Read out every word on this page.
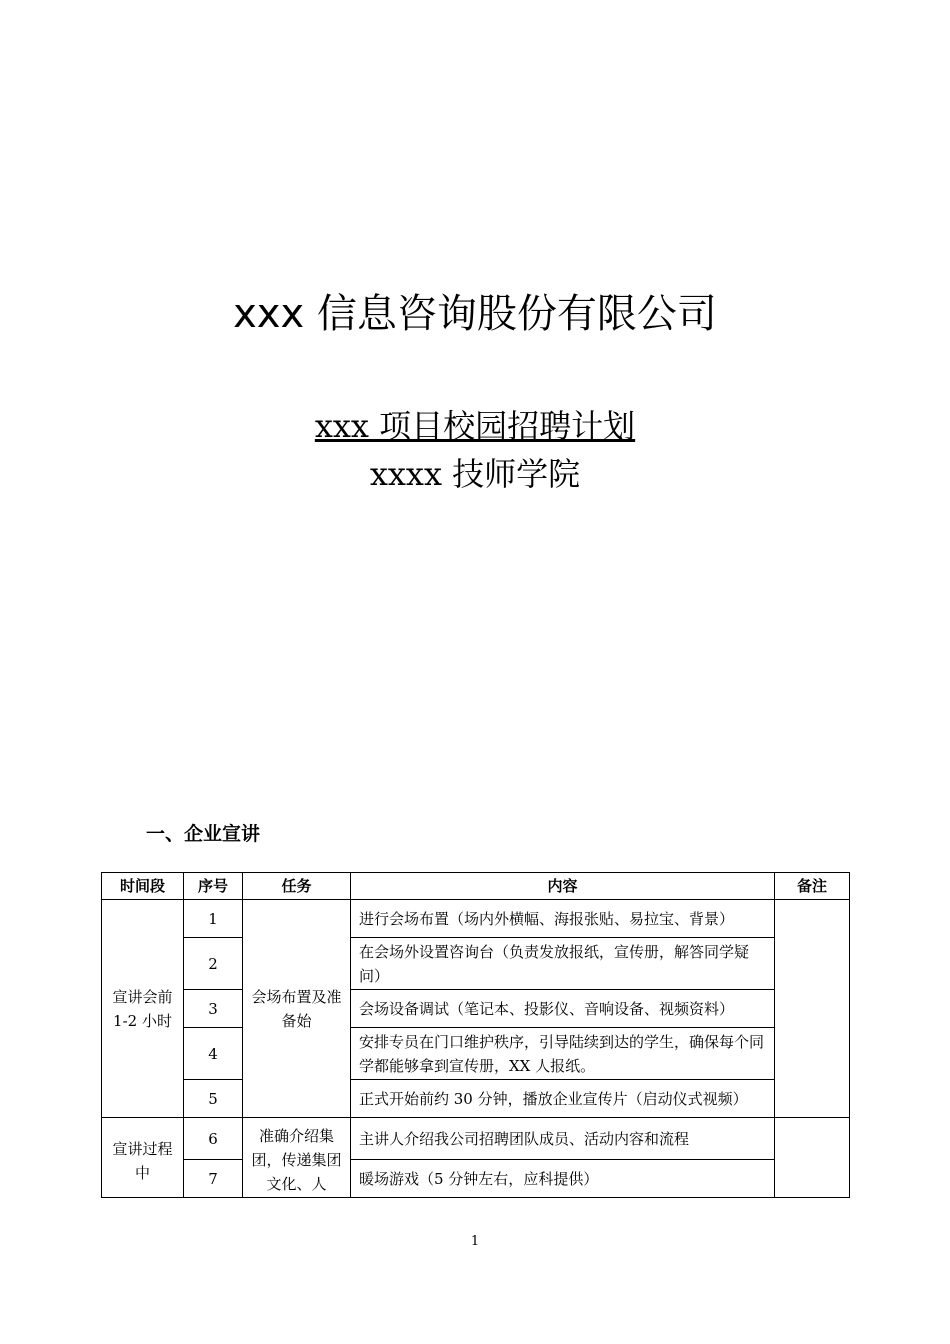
xxx 信息咨询股份有限公司
xxx 项目校园招聘计划
xxxx 技师学院
一、企业宣讲
时间段	序号	任务	内容	备注
宣讲会前 1-2 小时	1	会场布置及准备始	进行会场布置（场内外横幅、海报张贴、易拉宝、背景）	
	2		在会场外设置咨询台（负责发放报纸，宣传册，解答同学疑问）	
	3		会场设备调试（笔记本、投影仪、音响设备、视频资料）	
	4		安排专员在门口维护秩序，引导陆续到达的学生，确保每个同学都能够拿到宣传册，XX 人报纸。	
	5		正式开始前约 30 分钟，播放企业宣传片（启动仪式视频）	
宣讲过程中	6	准确介绍集团，传递集团文化、人	主讲人介绍我公司招聘团队成员、活动内容和流程	
	7		暖场游戏（5 分钟左右，应科提供）	
1
